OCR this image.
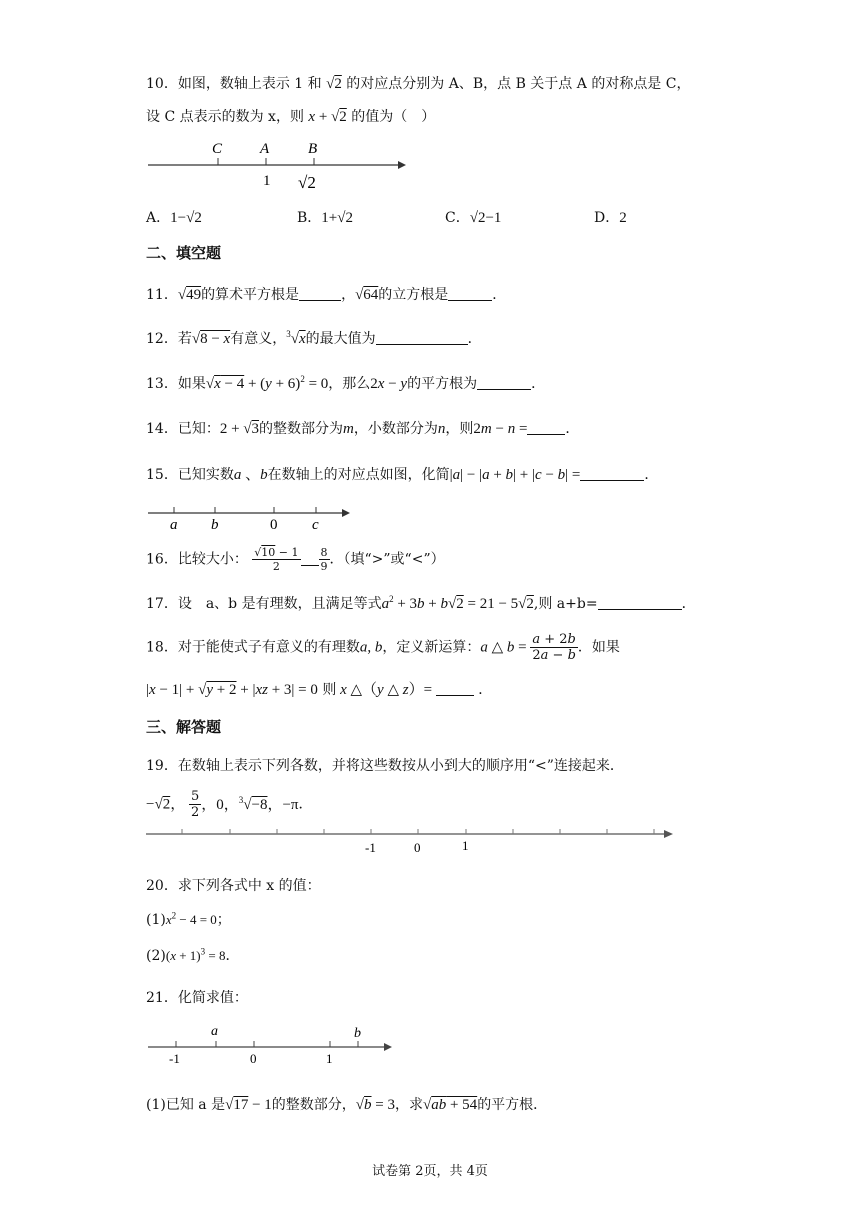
10．如图，数轴上表示 1 和 √2 的对应点分别为 A、B，点 B 关于点 A 的对称点是 C，
设 C 点表示的数为 x，则 x + √2 的值为（　）
C	A	B
1 √2
A．1−√2	B．1+√2	C．√2−1	D．2
二、填空题
11．√49的算术平方根是	，√64的立方根是	．
12．若√8 − x有意义，$^3$√x的最大值为	．
13．如果$√x - 4 + (y + 6)^2 = 0$，那么2x − y的平方根为	．
14．已知：2 + √3的整数部分为m，小数部分为n，则2m − n =	．
15．已知实数a 、b在数轴上的对应点如图，化简|a| − |a + b| + |c − b| =	．
a b	0 c
16．比较大小： $\frac{√10 - 1}{2} \frac{8}{9}$ ．（填“>”或“<”）
17．设　a、b 是有理数，且满足等式$a^2 + 3b + b√2 = 21 - 5√2$,则 a+b=	．
18．对于能使式子有意义的有理数a, b，定义新运算：a △ $b = \frac{a + 2b}{2a - b}$ ．如果
|x − 1| + √y + 2 + |xz + 3| = 0 则 x △（y △ z）=	．
三、解答题
19．在数轴上表示下列各数，并将这些数按从小到大的顺序用“<”连接起来．
−√2， $\frac{5}{2}$ ，0，$^3$√−8，−π．
-1	0	1
20．求下列各式中 x 的值：
$(1)x^2 - 4 = 0$；
$(2)(x + 1)^3 = 8$．
21．化简求值：
a	b
-1	0	1
(1)已知 a 是√17 − 1的整数部分，√b = 3，求√ab + 54的平方根．
试卷第 2页，共 4页
